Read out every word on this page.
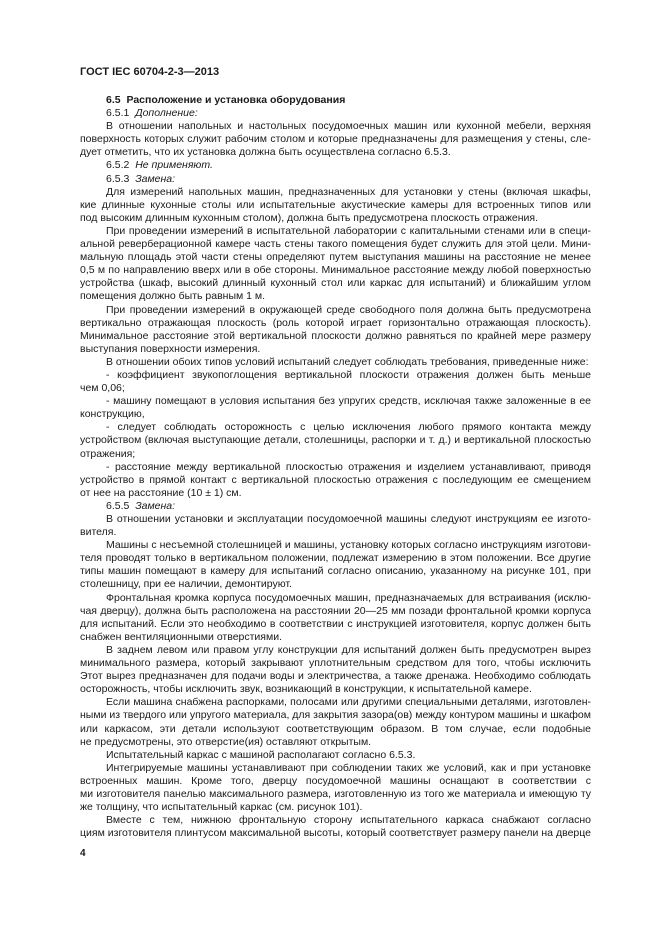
ГОСТ IEC 60704-2-3—2013
6.5 Расположение и установка оборудования
6.5.1 Дополнение:
В отношении напольных и настольных посудомоечных машин или кухонной мебели, верхняя
поверхность которых служит рабочим столом и которые предназначены для размещения у стены, сле-
дует отметить, что их установка должна быть осуществлена согласно 6.5.3.
6.5.2 Не применяют.
6.5.3 Замена:
Для измерений напольных машин, предназначенных для установки у стены (включая шкафы,
кие длинные кухонные столы или испытательные акустические камеры для встроенных типов или
под высоким длинным кухонным столом), должна быть предусмотрена плоскость отражения.
При проведении измерений в испытательной лаборатории с капитальными стенами или в специ-
альной реверберационной камере часть стены такого помещения будет служить для этой цели. Мини-
мальную площадь этой части стены определяют путем выступания машины на расстояние не менее
0,5 м по направлению вверх или в обе стороны. Минимальное расстояние между любой поверхностью
устройства (шкаф, высокий длинный кухонный стол или каркас для испытаний) и ближайшим углом
помещения должно быть равным 1 м.
При проведении измерений в окружающей среде свободного поля должна быть предусмотрена
вертикально отражающая плоскость (роль которой играет горизонтально отражающая плоскость).
Минимальное расстояние этой вертикальной плоскости должно равняться по крайней мере размеру
выступания поверхности измерения.
В отношении обоих типов условий испытаний следует соблюдать требования, приведенные ниже:
- коэффициент звукопоглощения вертикальной плоскости отражения должен быть меньше
чем 0,06;
- машину помещают в условия испытания без упругих средств, исключая также заложенные в ее
конструкцию,
- следует соблюдать осторожность с целью исключения любого прямого контакта между
устройством (включая выступающие детали, столешницы, распорки и т. д.) и вертикальной плоскостью
отражения;
- расстояние между вертикальной плоскостью отражения и изделием устанавливают, приводя
устройство в прямой контакт с вертикальной плоскостью отражения с последующим ее смещением
от нее на расстояние (10 ± 1) см.
6.5.5 Замена:
В отношении установки и эксплуатации посудомоечной машины следуют инструкциям ее изгото-
вителя.
Машины с несъемной столешницей и машины, установку которых согласно инструкциям изготови-
теля проводят только в вертикальном положении, подлежат измерению в этом положении. Все другие
типы машин помещают в камеру для испытаний согласно описанию, указанному на рисунке 101, при
столешницу, при ее наличии, демонтируют.
Фронтальная кромка корпуса посудомоечных машин, предназначаемых для встраивания (исклю-
чая дверцу), должна быть расположена на расстоянии 20—25 мм позади фронтальной кромки корпуса
для испытаний. Если это необходимо в соответствии с инструкцией изготовителя, корпус должен быть
снабжен вентиляционными отверстиями.
В заднем левом или правом углу конструкции для испытаний должен быть предусмотрен вырез
минимального размера, который закрывают уплотнительным средством для того, чтобы исключить
Этот вырез предназначен для подачи воды и электричества, а также дренажа. Необходимо соблюдать
осторожность, чтобы исключить звук, возникающий в конструкции, к испытательной камере.
Если машина снабжена распорками, полосами или другими специальными деталями, изготовлен-
ными из твердого или упругого материала, для закрытия зазора(ов) между контуром машины и шкафом
или каркасом, эти детали используют соответствующим образом. В том случае, если подобные
не предусмотрены, это отверстие(ия) оставляют открытым.
Испытательный каркас с машиной располагают согласно 6.5.3.
Интегрируемые машины устанавливают при соблюдении таких же условий, как и при установке
встроенных машин. Кроме того, дверцу посудомоечной машины оснащают в соответствии с
ми изготовителя панелью максимального размера, изготовленную из того же материала и имеющую ту
же толщину, что испытательный каркас (см. рисунок 101).
Вместе с тем, нижнюю фронтальную сторону испытательного каркаса снабжают согласно
циям изготовителя плинтусом максимальной высоты, который соответствует размеру панели на дверце
4
